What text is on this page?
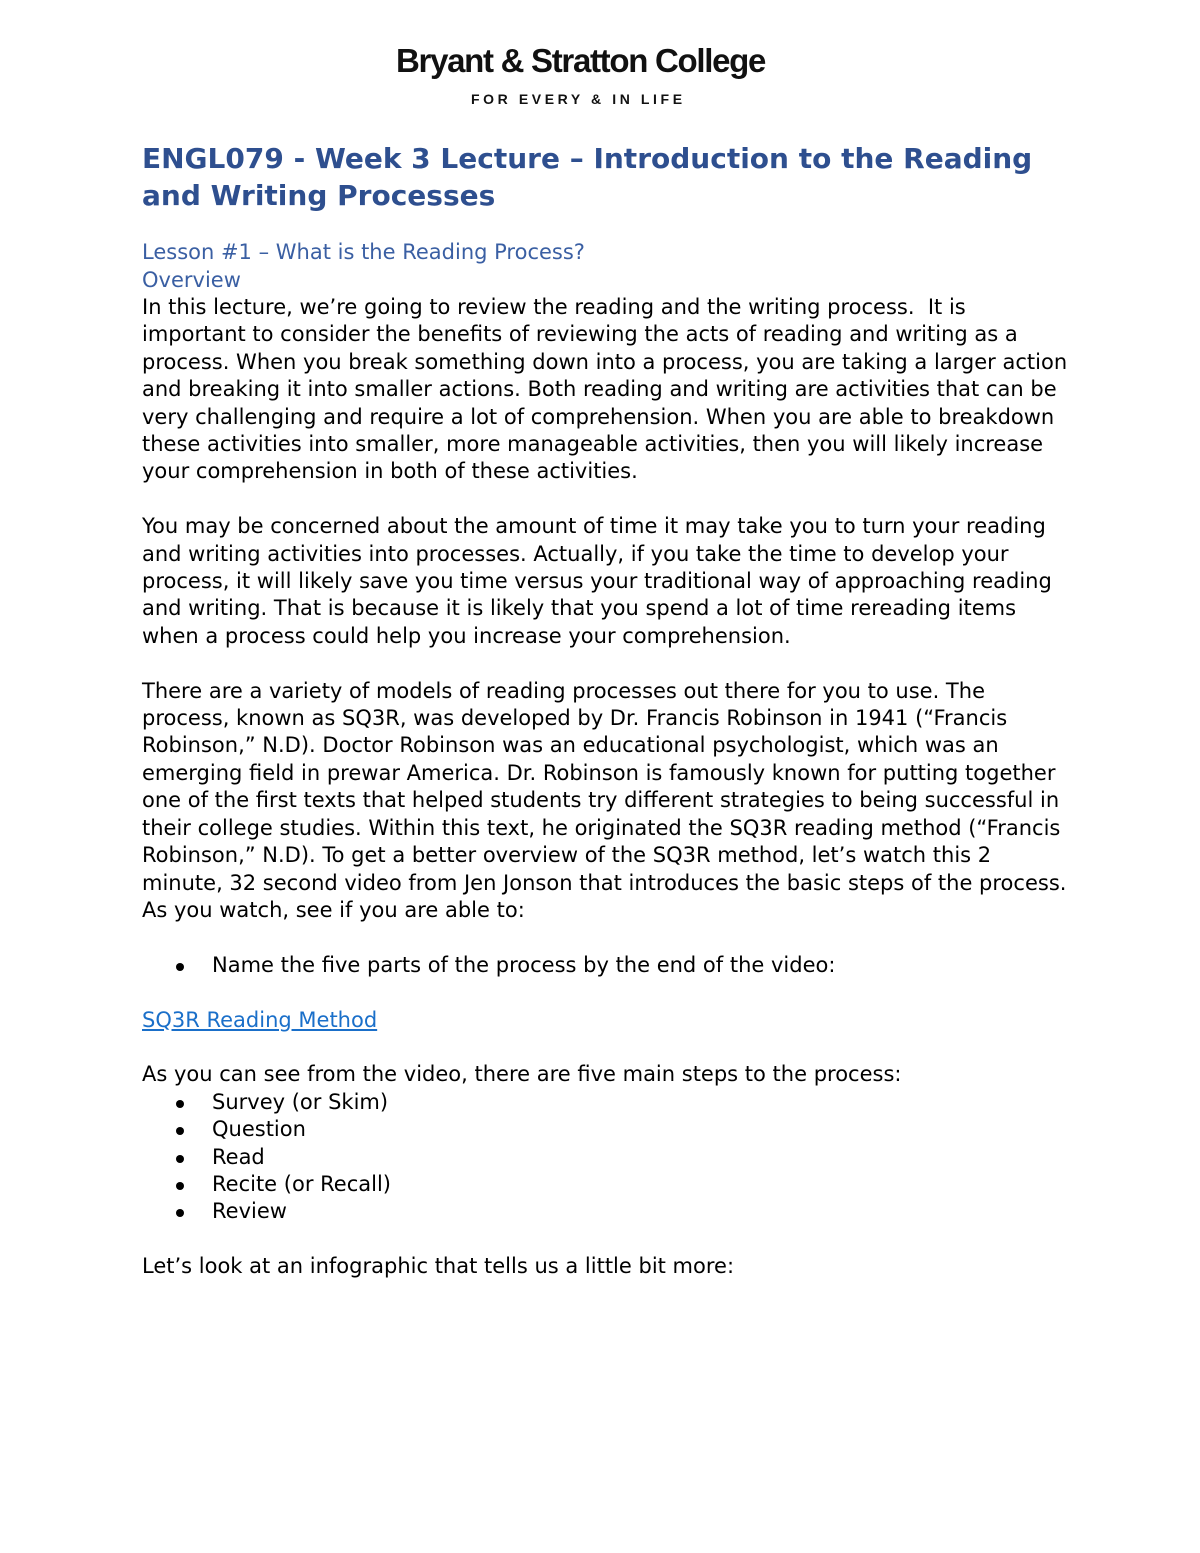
Bryant & Stratton College
FOR EVERY & IN LIFE
ENGL079 - Week 3 Lecture – Introduction to the Reading and Writing Processes
Lesson #1 – What is the Reading Process?
Overview

In this lecture, we’re going to review the reading and the writing process.  It is important to consider the benefits of reviewing the acts of reading and writing as a process. When you break something down into a process, you are taking a larger action and breaking it into smaller actions. Both reading and writing are activities that can be very challenging and require a lot of comprehension. When you are able to breakdown these activities into smaller, more manageable activities, then you will likely increase your comprehension in both of these activities.

You may be concerned about the amount of time it may take you to turn your reading and writing activities into processes. Actually, if you take the time to develop your process, it will likely save you time versus your traditional way of approaching reading and writing. That is because it is likely that you spend a lot of time rereading items when a process could help you increase your comprehension.

There are a variety of models of reading processes out there for you to use. The process, known as SQ3R, was developed by Dr. Francis Robinson in 1941 (“Francis Robinson,” N.D). Doctor Robinson was an educational psychologist, which was an emerging field in prewar America. Dr. Robinson is famously known for putting together one of the first texts that helped students try different strategies to being successful in their college studies. Within this text, he originated the SQ3R reading method (“Francis Robinson,” N.D). To get a better overview of the SQ3R method, let’s watch this 2 minute, 32 second video from Jen Jonson that introduces the basic steps of the process. As you watch, see if you are able to:

Name the five parts of the process by the end of the video:
SQ3R Reading Method

As you can see from the video, there are five main steps to the process:

Survey (or Skim)
Question
Read
Recite (or Recall)
Review

Let’s look at an infographic that tells us a little bit more:
